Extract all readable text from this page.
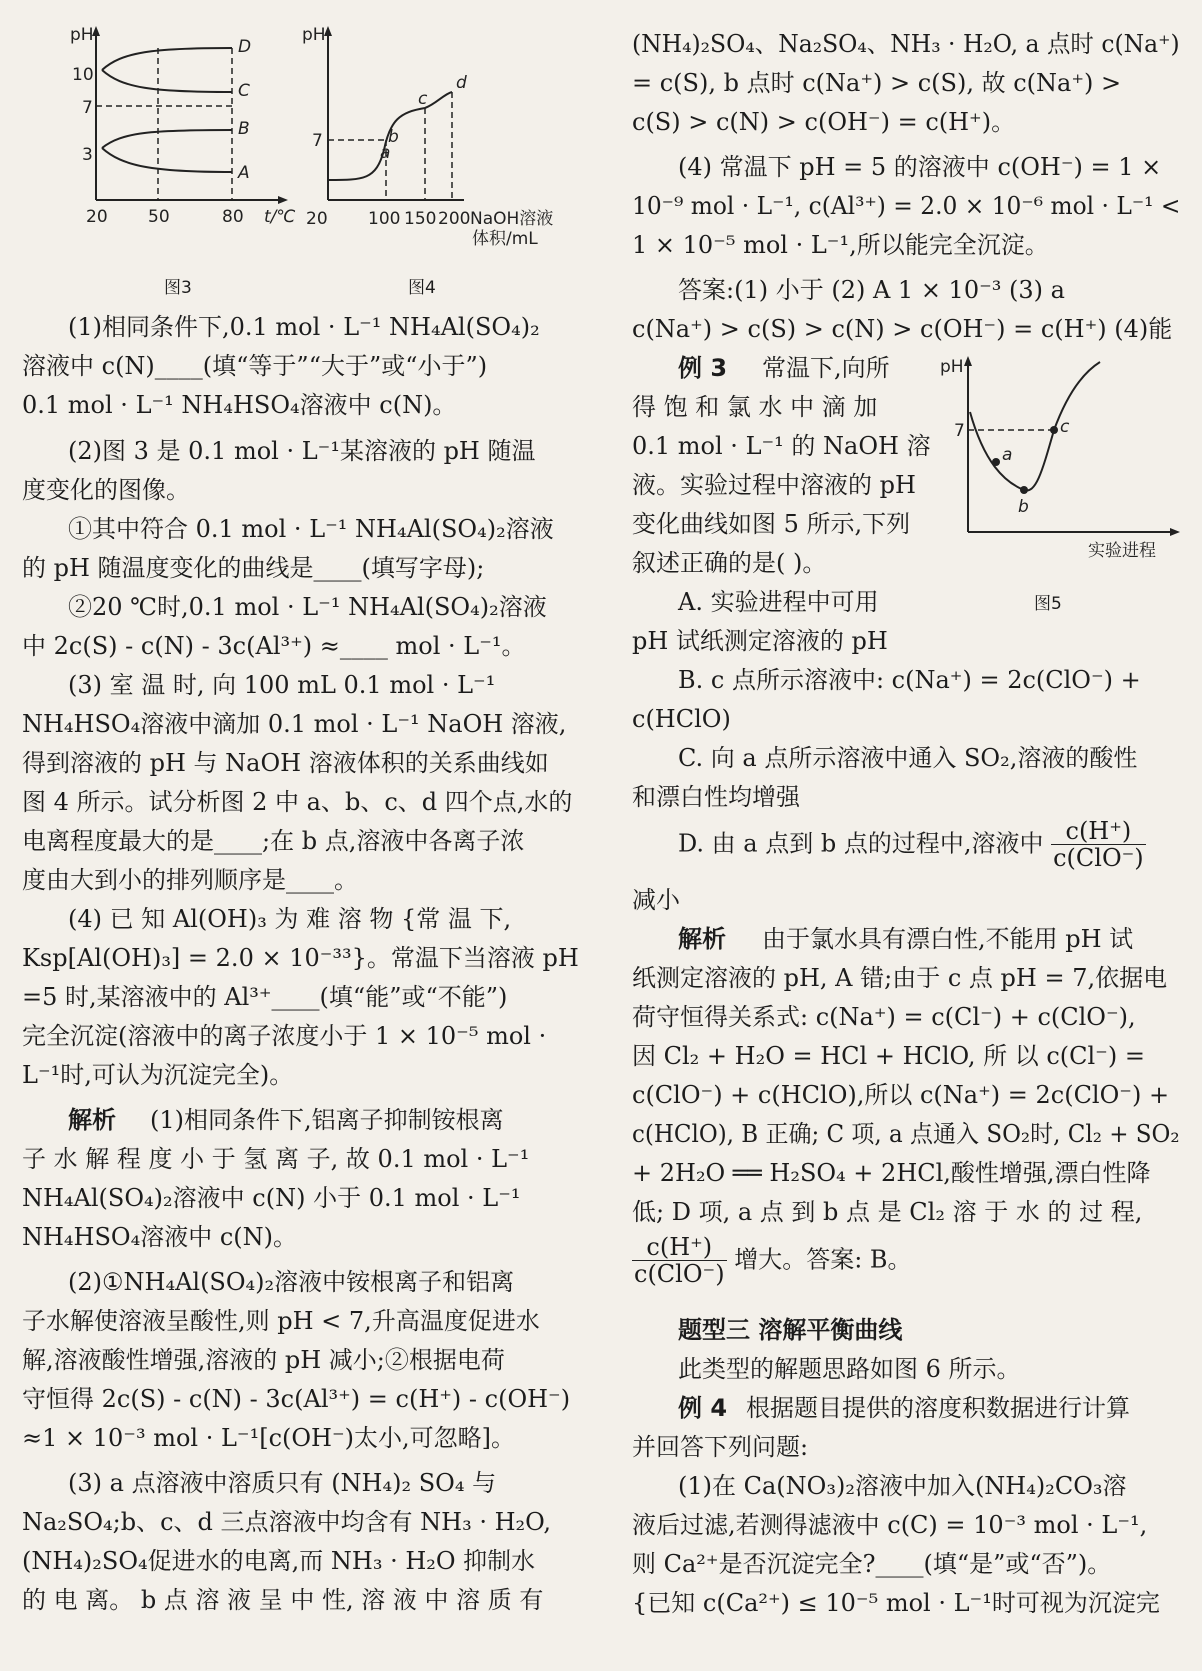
pH
10
7
3
D
C
B
A
20 50	80 t/℃
图3
pH
7
d
c
b
a
20 100 150 200 NaOH溶液
体积/mL
图4

(1)相同条件下,0.1 mol · L⁻¹ NH₄Al(SO₄)₂

溶液中 c(N)____(填“等于”“大于”或“小于”)

0.1 mol · L⁻¹ NH₄HSO₄溶液中 c(N)。

(2)图 3 是 0.1 mol · L⁻¹某溶液的 pH 随温

度变化的图像。

①其中符合 0.1 mol · L⁻¹ NH₄Al(SO₄)₂溶液

的 pH 随温度变化的曲线是____(填写字母);

②20 ℃时,0.1 mol · L⁻¹ NH₄Al(SO₄)₂溶液

中 2c(S) - c(N) - 3c(Al³⁺) ≈____ mol · L⁻¹。

(3) 室 温 时, 向 100 mL 0.1 mol · L⁻¹

NH₄HSO₄溶液中滴加 0.1 mol · L⁻¹ NaOH 溶液,

得到溶液的 pH 与 NaOH 溶液体积的关系曲线如

图 4 所示。试分析图 2 中 a、b、c、d 四个点,水的

电离程度最大的是____;在 b 点,溶液中各离子浓

度由大到小的排列顺序是____。

(4) 已 知 Al(OH)₃ 为 难 溶 物 {常 温 下,

Ksp[Al(OH)₃] = 2.0 × 10⁻³³}。常温下当溶液 pH

=5 时,某溶液中的 Al³⁺____(填“能”或“不能”)

完全沉淀(溶液中的离子浓度小于 1 × 10⁻⁵ mol ·

L⁻¹时,可认为沉淀完全)。

解析 (1)相同条件下,铝离子抑制铵根离

子 水 解 程 度 小 于 氢 离 子, 故 0.1 mol · L⁻¹

NH₄Al(SO₄)₂溶液中 c(N) 小于 0.1 mol · L⁻¹

NH₄HSO₄溶液中 c(N)。

(2)①NH₄Al(SO₄)₂溶液中铵根离子和铝离

子水解使溶液呈酸性,则 pH < 7,升高温度促进水

解,溶液酸性增强,溶液的 pH 减小;②根据电荷

守恒得 2c(S) - c(N) - 3c(Al³⁺) = c(H⁺) - c(OH⁻)

≈1 × 10⁻³ mol · L⁻¹[c(OH⁻)太小,可忽略]。

(3) a 点溶液中溶质只有 (NH₄)₂ SO₄ 与

Na₂SO₄;b、c、d 三点溶液中均含有 NH₃ · H₂O,

(NH₄)₂SO₄促进水的电离,而 NH₃ · H₂O 抑制水

的 电 离。 b 点 溶 液 呈 中 性, 溶 液 中 溶 质 有

(NH₄)₂SO₄、Na₂SO₄、NH₃ · H₂O, a 点时 c(Na⁺)

= c(S), b 点时 c(Na⁺) > c(S), 故 c(Na⁺) >

c(S) > c(N) > c(OH⁻) = c(H⁺)。

(4) 常温下 pH = 5 的溶液中 c(OH⁻) = 1 ×

10⁻⁹ mol · L⁻¹, c(Al³⁺) = 2.0 × 10⁻⁶ mol · L⁻¹ <

1 × 10⁻⁵ mol · L⁻¹,所以能完全沉淀。

答案:(1) 小于 (2) A 1 × 10⁻³ (3) a

c(Na⁺) > c(S) > c(N) > c(OH⁻) = c(H⁺) (4)能

例 3 常温下,向所

得 饱 和 氯 水 中 滴 加

0.1 mol · L⁻¹ 的 NaOH 溶

液。实验过程中溶液的 pH

变化曲线如图 5 所示,下列

叙述正确的是( )。

A. 实验进程中可用

pH 试纸测定溶液的 pH

pH
7
a
b
c
实验进程
图5

B. c 点所示溶液中: c(Na⁺) = 2c(ClO⁻) +

c(HClO)

C. 向 a 点所示溶液中通入 SO₂,溶液的酸性

和漂白性均增强

D. 由 a 点到 b 点的过程中,溶液中 $\frac{c(H^+)}{\text{c(ClO⁻)}}$

减小

解析 由于氯水具有漂白性,不能用 pH 试

纸测定溶液的 pH, A 错;由于 c 点 pH = 7,依据电

荷守恒得关系式: c(Na⁺) = c(Cl⁻) + c(ClO⁻),

因 Cl₂ + H₂O = HCl + HClO, 所 以 c(Cl⁻) =

c(ClO⁻) + c(HClO),所以 c(Na⁺) = 2c(ClO⁻) +

c(HClO), B 正确; C 项, a 点通入 SO₂时, Cl₂ + SO₂

+ 2H₂O ══ H₂SO₄ + 2HCl,酸性增强,漂白性降

低; D 项, a 点 到 b 点 是 Cl₂ 溶 于 水 的 过 程,

$\frac{c(H^+)}{\text{c(ClO⁻)}}$ 增大。答案: B。

题型三 溶解平衡曲线

此类型的解题思路如图 6 所示。

例 4 根据题目提供的溶度积数据进行计算

并回答下列问题:

(1)在 Ca(NO₃)₂溶液中加入(NH₄)₂CO₃溶

液后过滤,若测得滤液中 c(C) = 10⁻³ mol · L⁻¹,

则 Ca²⁺是否沉淀完全?____(填“是”或“否”)。

{已知 c(Ca²⁺) ≤ 10⁻⁵ mol · L⁻¹时可视为沉淀完
